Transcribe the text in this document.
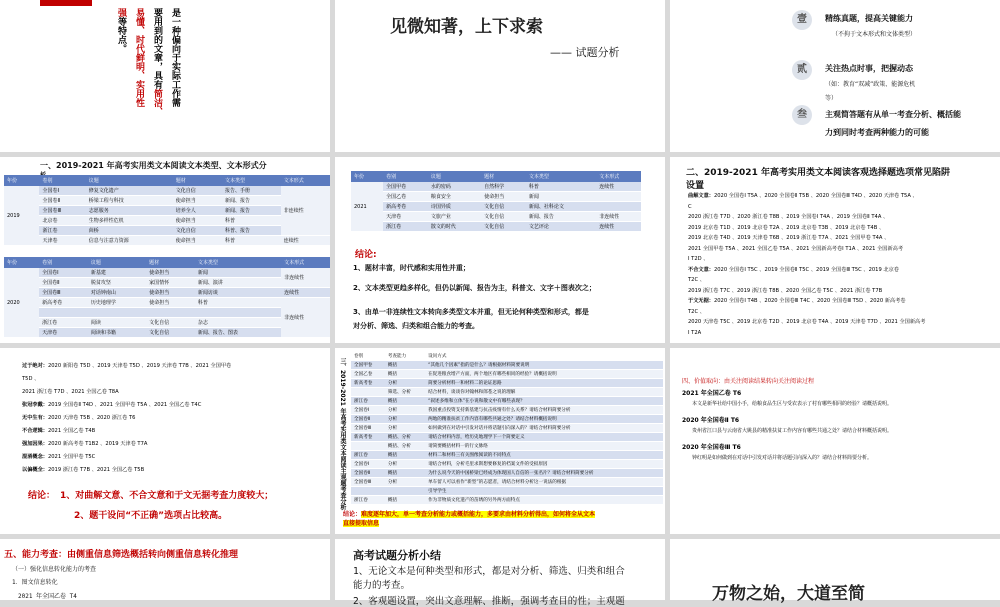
是一种偏向于实际工作需
要用到的文章，具有简洁、
易懂、时代鲜明、实用性
强等特点。	见微知著，上下求索
—— 试题分析
壹	精练真题，提高关键能力
（不拘于文本形式和文体类型）
贰	关注热点时事，把握动态
（如：教育“双减”政策、能源危机
等）
叁	主观简答题有从单一考查分析、概括能
力到同时考查两种能力的可能
一、2019-2021 年高考实用类文本阅读文本类型、文本形式分
年份	卷别	议题	题材	文本类型	文本形式
2019	全国卷Ⅰ	修复文化遗产	文化自信	报告、手册	非连续性
	全国卷Ⅱ	桥梁工程与科技	使命担当	新闻、报告	
	全国卷Ⅲ	志愿服务	培养全人	新闻、报告	
	北京卷	生物多样性危机	使命担当	科普	
	浙江卷	茴桥	文化自信	科普、报告	
	天津卷	信息与注意力资源	使命担当	科普	连续性
年份	卷别	议题	题材	文本类型	文本形式
2020	全国卷Ⅰ	新基建	使命担当	新闻	非连续性
	全国卷Ⅱ	脱贫攻坚	家国情怀	新闻、演讲	
	全国卷Ⅲ	对话钟南山	使命担当	新闻访谈	连续性
	新高考卷	历史地理学	使命担当	科普	非连续性

	浙江卷	阅读	文化自信	杂志	
	天津卷	阅读和书籍	文化自信	新闻、报告、图表	
年份	卷别	议题	题材	文本类型	文本形式
2021	全国甲卷	水的密码	自然科学	科普	连续性
	全国乙卷	粮食安全	使命担当	新闻	
	新高考卷	诗国异质	文化自信	新闻、社科论文	
	天津卷	文旅产业	文化自信	新闻、报告	非连续性
	浙江卷	散文的时代	文化自信	文艺评论	连续性
结论:
1、题材丰富，时代感和实用性并重；
2、文本类型更趋多样化，但仍以新闻、报告为主，科普文、文字＋图表次之；
3、由单一非连续性文本转向多类型文本并重，但无论何种类型和形式，都是
对分析、筛选、归类和组合能力的考查。
二、2019-2021 年高考实用类文本阅读客观选择题选项常见陷阱
设置
曲解文意：2020 全国卷Ⅰ T5A 、2020 全国卷Ⅱ T5B 、2020 全国卷Ⅲ T4D 、2020 天津卷 T5A 、
C
2020 浙江卷 T7D 、2020 浙江卷 T8B 、2019 全国卷Ⅰ T4A 、2019 全国卷Ⅱ T4A 、
2019 北京卷 T1D 、2019 北京卷 T2A 、2019 北京卷 T3B 、2019 北京卷 T4B 、
2019 北京卷 T4D 、2019 天津卷 T6B 、2019 浙江卷 T7A 、2021 全国甲卷 T4A 、
2021 全国甲卷 T5A 、2021 全国乙卷 T5A 、2021 全国新高考卷Ⅰ T1A 、2021 全国新高考
Ⅰ T2D 、
不合文意：2020 全国卷Ⅰ T5C 、2019 全国卷Ⅱ T5C 、2019 全国卷Ⅲ T5C 、2019 北京卷
T2C 、
2019 浙江卷 T7C 、2019 浙江卷 T8B 、2020 全国乙卷 T5C 、2021 浙江卷 T7B
于文无据：2020 全国卷Ⅰ T4B 、2020 全国卷Ⅲ T4C 、2020 全国卷Ⅲ T5D 、2020 新高考卷
T2C 、
2020 天津卷 T5C 、2019 北京卷 T2D 、2019 北京卷 T4A 、2019 天津卷 T7D 、2021 全国新高考
Ⅰ T2A
过于绝对：2020 新阳卷 T5D 、2019 天津卷 T5D 、2019 天津卷 T7B 、2021 全国甲卷
T5D 、
2021 浙江卷 T7D 、2021 全国乙卷 T8A
张冠李戴：2019 全国卷Ⅱ T4D 、2021 全国甲卷 T5A 、2021 全国乙卷 T4C
无中生有：2020 天津卷 T5B 、2020 浙江卷 T6
不合逻辑：2021 全国乙卷 T4B
强加因果：2020 新高考卷 T1B2 、2019 天津卷 T7A
混淆概念：2021 全国甲卷 T5C
以偏概全：2019 浙江卷 T7B 、2021 全国乙卷 T5B
结论： 1、对曲解文意、不合文意和于文无据考查力度较大；
2、题干设问“不正确”选项占比较高。
三、2019-2021 年高考实用类文本阅读主观题考查分析
卷别	考查能力	设问方式
全国甲卷	概括	“其他几个因素”指的是什么？请根据材料简要说明
全国乙卷	概括	在促进粮食增产方面，两个地区有哪些相同的经验？请概括说明
新高考卷	分析	简要分析材料一和材料二的论证思路
	筛选、分析	结合材料，谈谈你对翰林和郎苍之说的理解
浙江卷	概括	“叙述多维和立体”在小说和散文中有哪些表现？
全国卷Ⅰ	分析	我国重点投资支持新基建与抗击疫情有什么关系？请结合材料简要分析
全国卷Ⅱ	分析	两地的精准扶贫工作内容有哪些共通之处？请结合材料概括说明
全国卷Ⅲ	分析	如何做到在对话中引发对话并将话题引向深入的？请结合材料简要分析
新高考卷	概括、分析	请结合材料内容，给历史地理学下一个简要定义
	概括、分析	请简要概括材料一的行文脉络
浙江卷	概括	材料二和材料三有关图像阅读的不同特点
全国卷Ⅰ	分析	请结合材料，分析毛里求斯想要修复的档案文件的受损原因
全国卷Ⅱ	概括	为什么说今天的中国桥梁已经成为体现国人自信的一张名片？请结合材料简要分析
全国卷Ⅲ	分析	单车留人可以看作“新型”的志愿者，请结合材料分析这一说法的根据
		引导学生
浙江卷	概括	作为非物质文化遗产的苗绣的另外两方面特点
结论：难度逐年加大，单一考查分析能力或概括能力，多要求由材料分析得出，如何将全从文本
直接提取信息
四、价值取向：由关注阅读结果转向关注阅读过程
2021 年全国乙卷 T6
本文是新华社给中国小手，给粮食品生区与受农表示了村有哪些相同的经验？请概括说明。
2020 年全国卷Ⅱ T6
贵州省江口县与云南省大姚县的精准扶贫工作内容有哪些共通之处？请结合材料概括说明。
2020 年全国卷Ⅲ T6
钟红明是如何做到在对话中引发对话并将话题引向深入的？请结合材料简要分析。
五、能力考查：由侧重信息筛选概括转向侧重信息转化推理
（一）强化信息转化能力的考查
1．图文信息转化
2021 年全国乙卷 T4
高考试题分析小结
1、无论文本是何种类型和形式，都是对分析、筛选、归类和组合
能力的考查。
2、客观题设置，突出文意理解、推断，强调考查目的性；主观题	万物之始，大道至简
